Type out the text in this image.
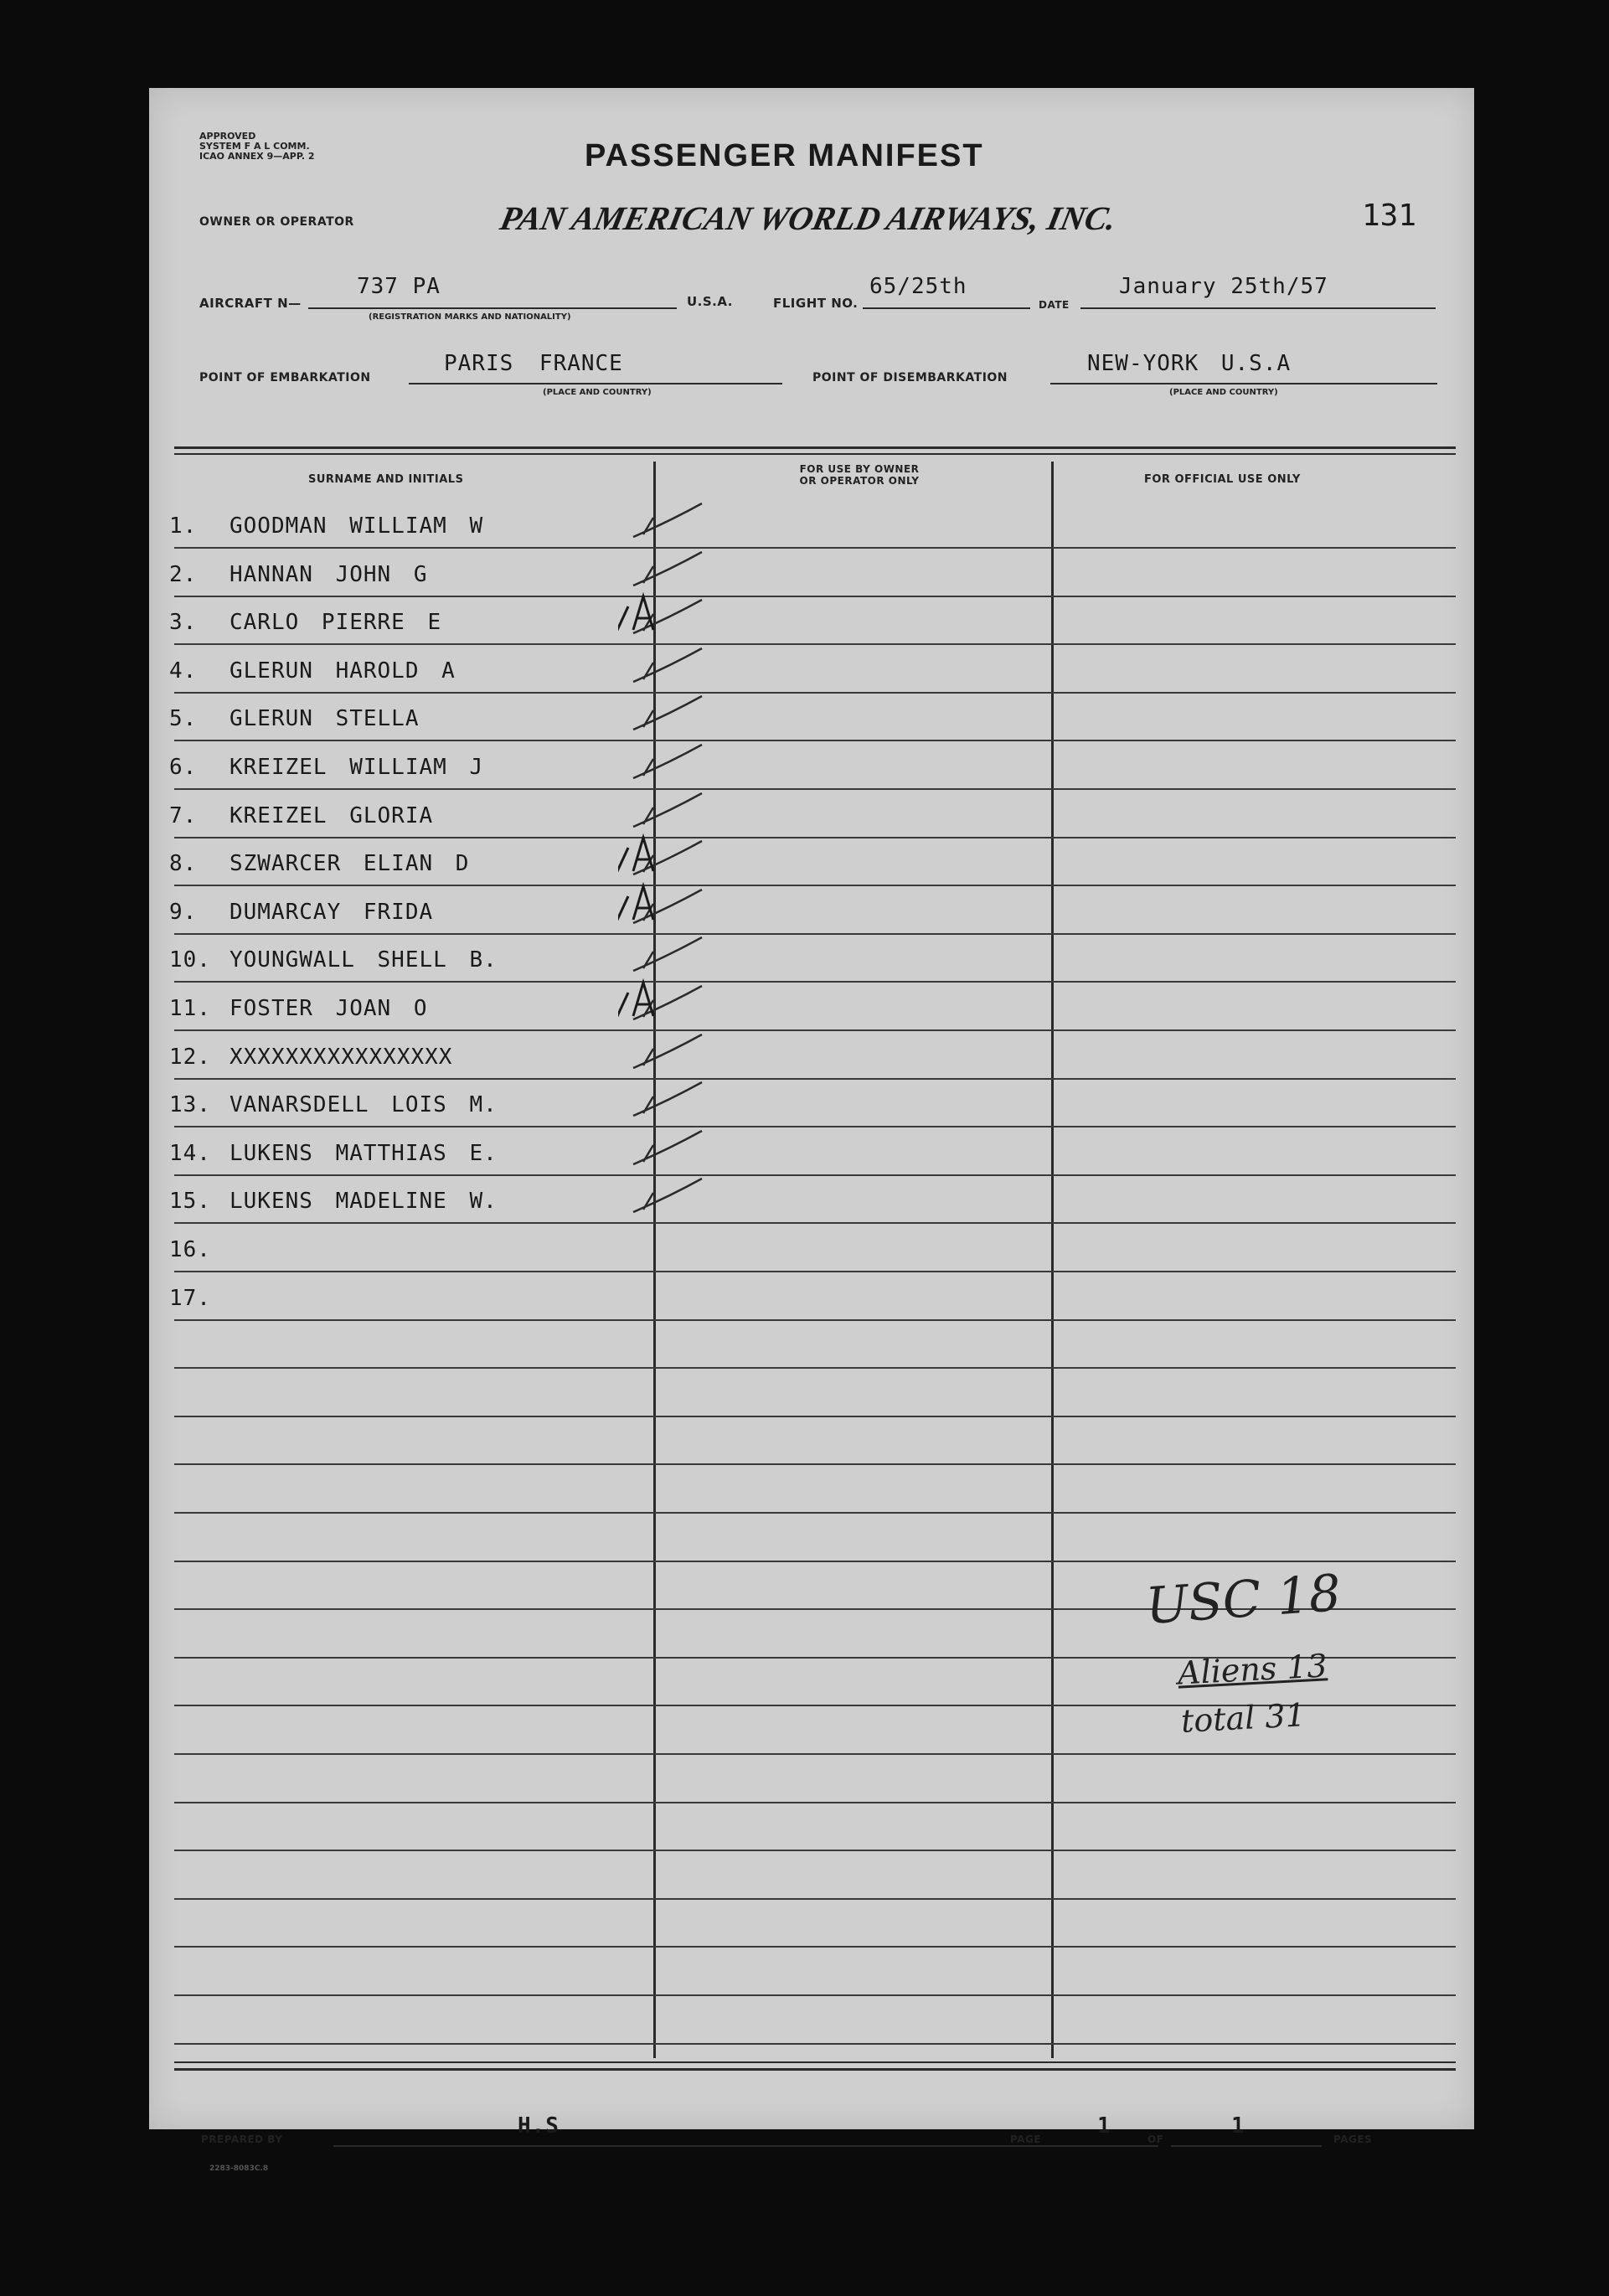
APPROVED
SYSTEM F A L COMM.
ICAO ANNEX 9—APP. 2	PASSENGER MANIFEST
OWNER OR OPERATOR	PAN AMERICAN WORLD AIRWAYS, INC.	131
AIRCRAFT N—
737 PA
(REGISTRATION MARKS AND NATIONALITY)
U.S.A.	FLIGHT NO.
65/25th
DATE
January 25th/57
POINT OF EMBARKATION
PARIS FRANCE
(PLACE AND COUNTRY)
POINT OF DISEMBARKATION
NEW-YORK U.S.A
(PLACE AND COUNTRY)
SURNAME AND INITIALS
FOR USE BY OWNER
OR OPERATOR ONLY	FOR OFFICIAL USE ONLY
1. GOODMAN WILLIAM W
2. HANNAN JOHN G
3. CARLO PIERRE E
4. GLERUN HAROLD A
5. GLERUN STELLA
6. KREIZEL WILLIAM J
7. KREIZEL GLORIA
8. SZWARCER ELIAN D
9. DUMARCAY FRIDA
10. YOUNGWALL SHELL B.
11. FOSTER JOAN O
12. XXXXXXXXXXXXXXXX
13. VANARSDELL LOIS M.
14. LUKENS MATTHIAS E.
15. LUKENS MADELINE W.
16.
17.
USC 18
Aliens 13
total 31
PREPARED BY
H.S
PAGE
1
OF
1
PAGES
2283-8083C.8
